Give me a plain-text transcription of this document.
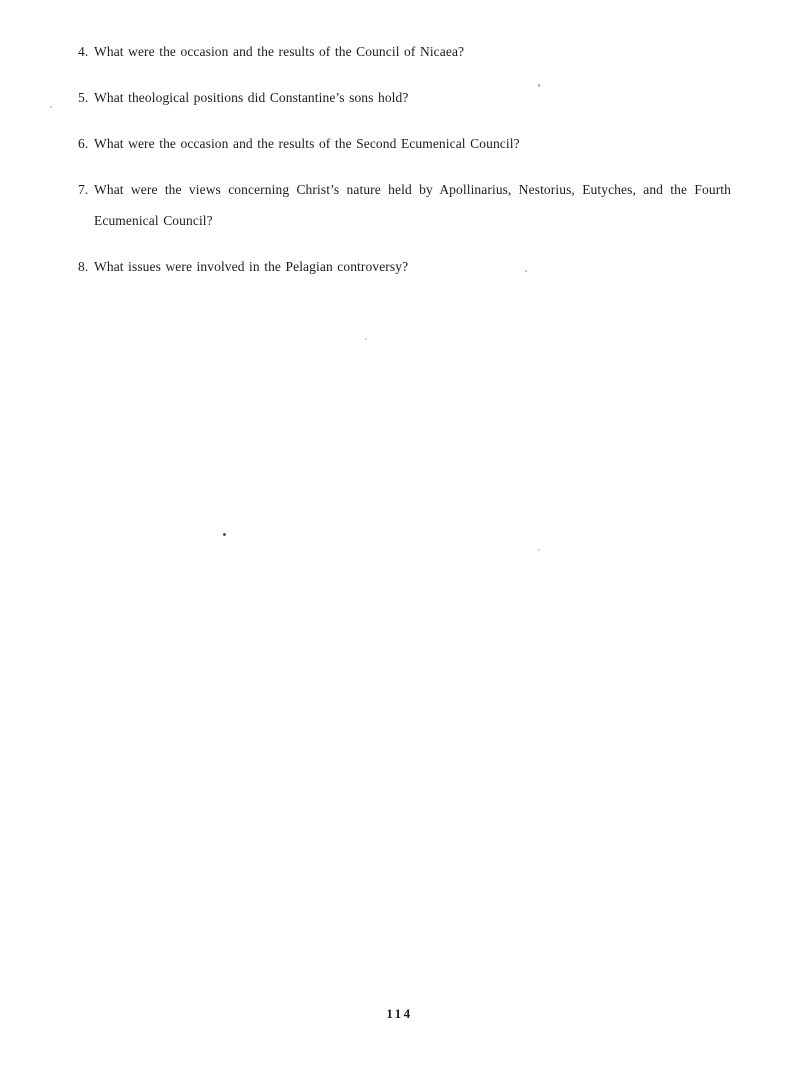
4. What were the occasion and the results of the Council of Nicaea?
5. What theological positions did Constantine’s sons hold?
6. What were the occasion and the results of the Second Ecumenical Council?
7. What were the views concerning Christ’s nature held by Apollinarius, Nestorius, Eutyches, and the Fourth Ecumenical Council?
8. What issues were involved in the Pelagian controversy?
114
